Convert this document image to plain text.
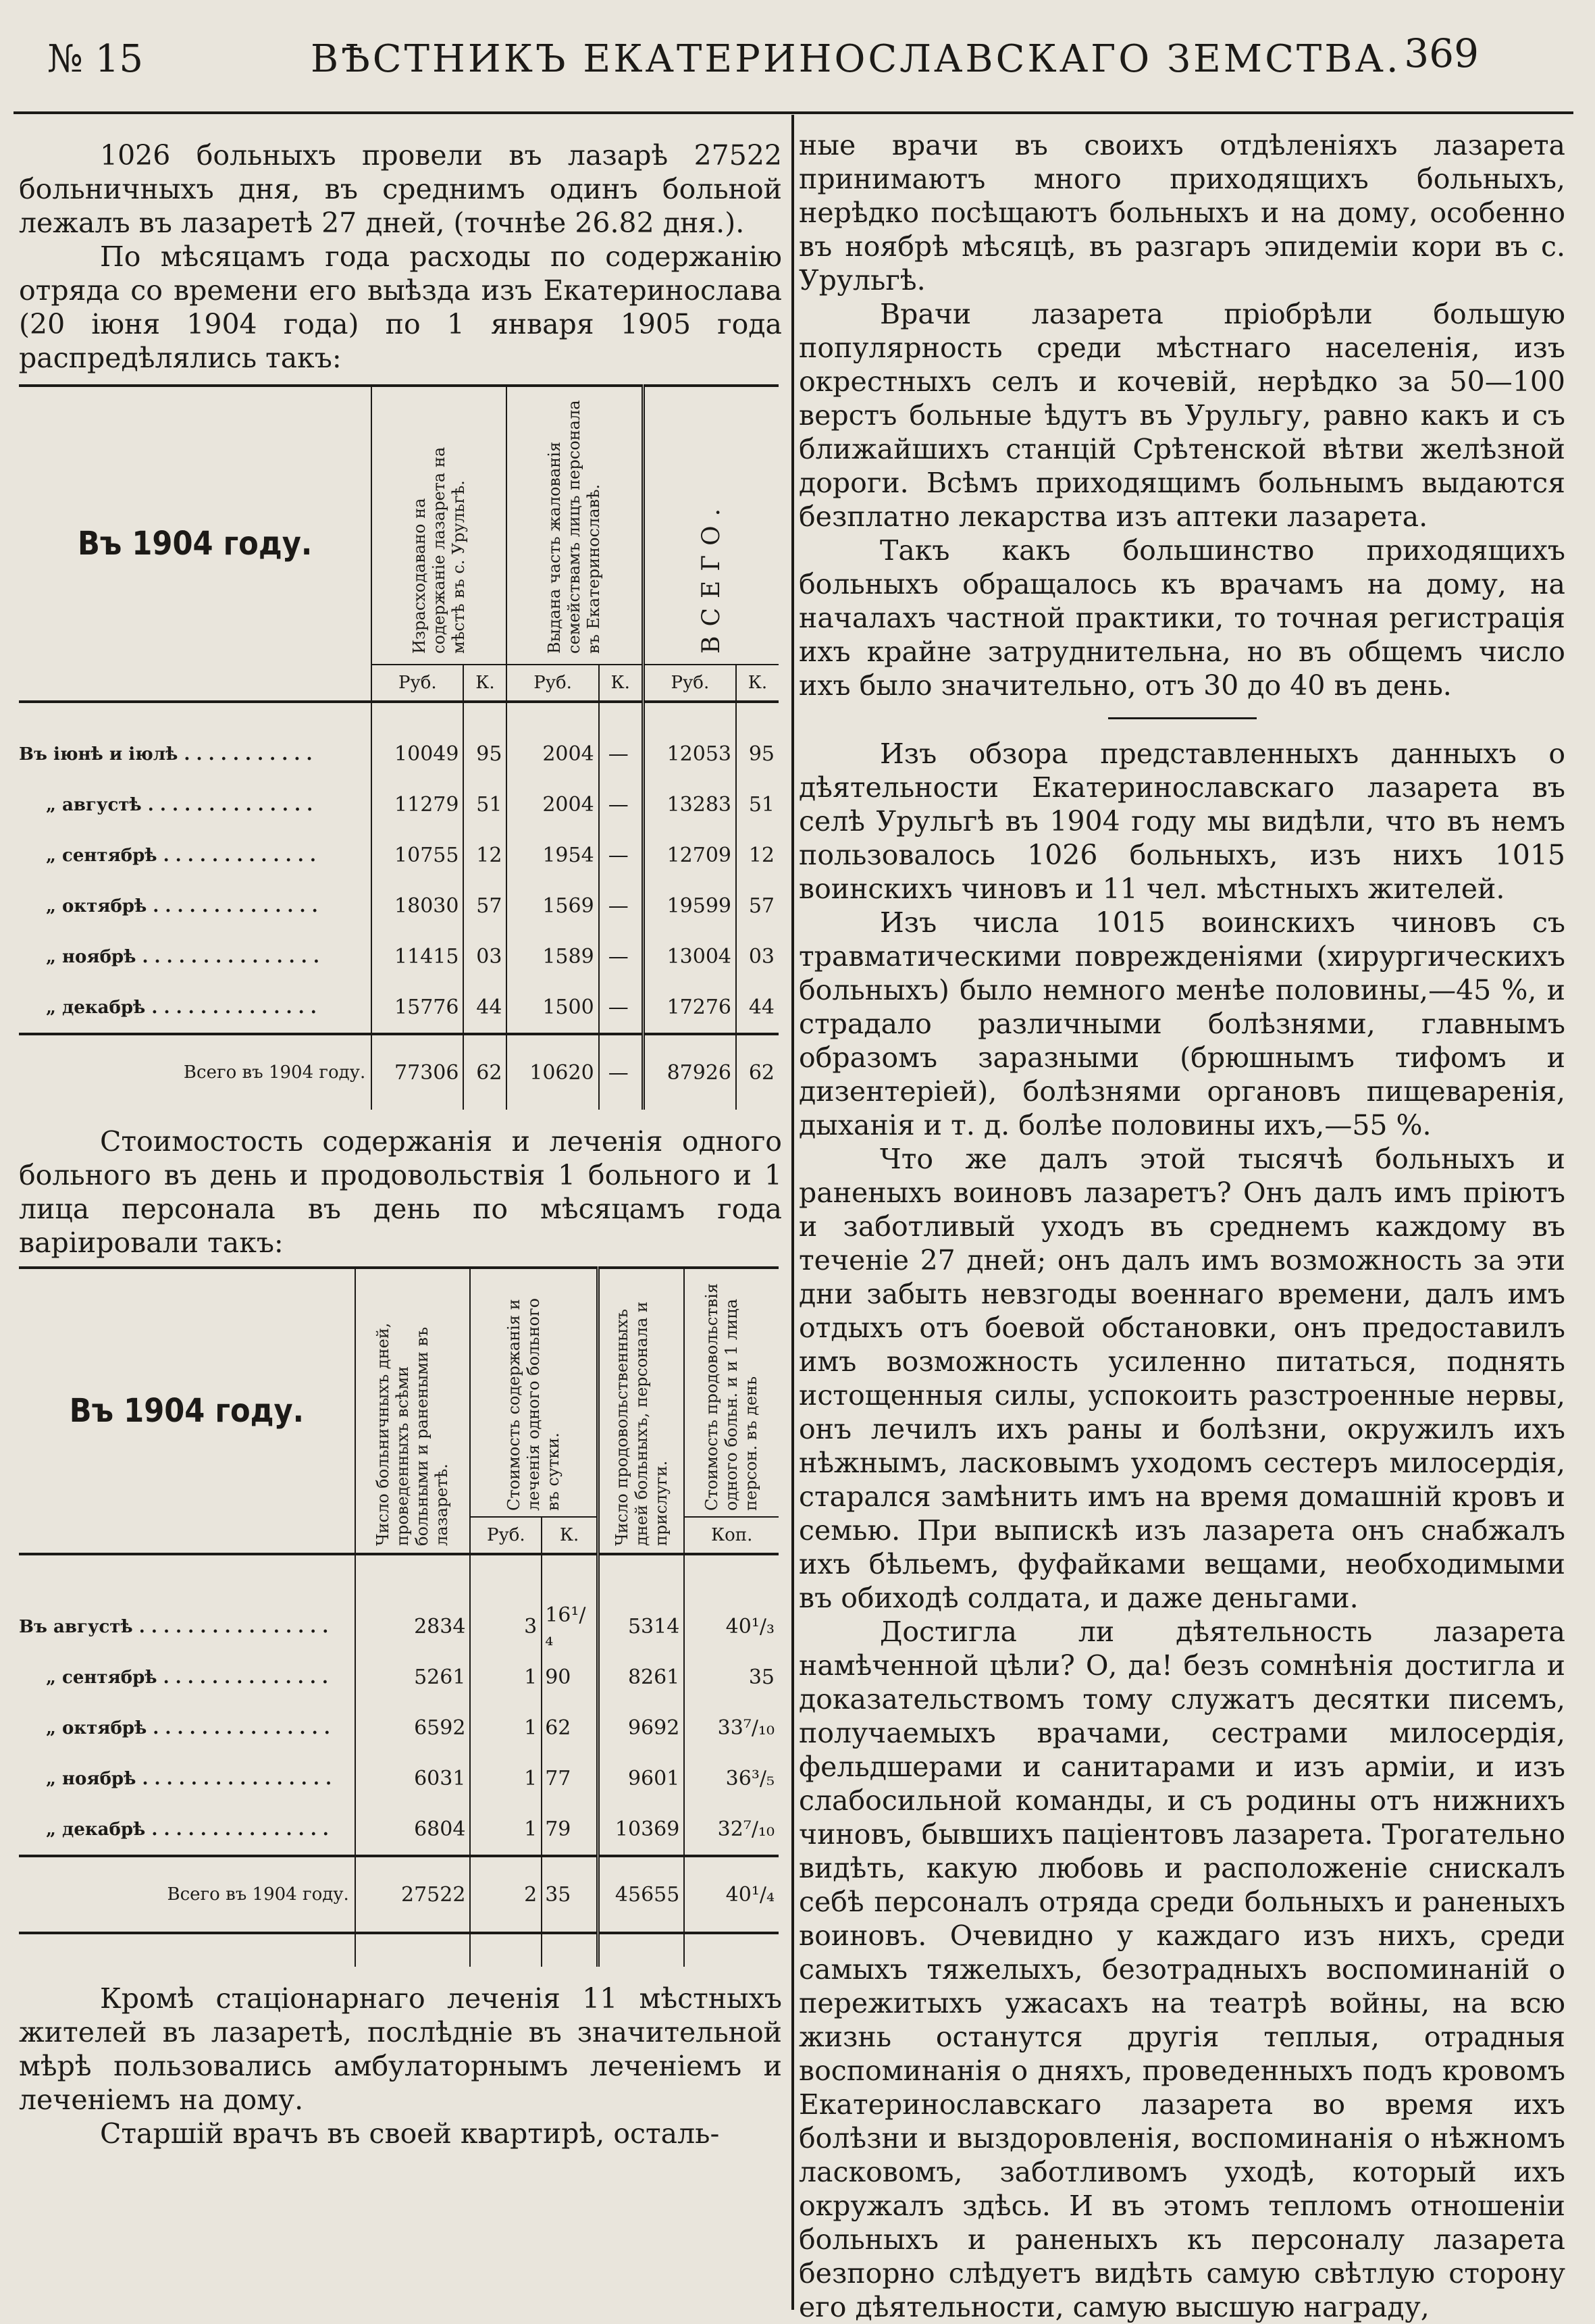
№ 15	ВѢСТНИКЪ ЕКАТЕРИНОСЛАВСКАГО ЗЕМСТВА. 369

1026 больныхъ провели въ лазарѣ 27522 больничныхъ дня, въ среднимъ одинъ больной лежалъ въ лазаретѣ 27 дней, (точнѣе 26.82 дня.).

По мѣсяцамъ года расходы по содержанію отряда со времени его выѣзда изъ Екатеринослава (20 іюня 1904 года) по 1 января 1905 года распредѣлялись такъ:

Въ 1904 году.	Израсходавано на содержаніе лазарета на мѣстѣ въ с. Урульгѣ.		Выдана часть жалованія семействамъ лицъ персонала въ Екатеринославѣ.		ВСЕГО.	

	Руб.	К.	Руб.	К.	Руб.	К.

Въ іюнѣ и іюлѣ . . . . . . . . . . .	10049	95	2004	—	12053	95
„ августѣ . . . . . . . . . . . . . .	11279	51	2004	—	13283	51
„ сентябрѣ . . . . . . . . . . . . .	10755	12	1954	—	12709	12
„ октябрѣ . . . . . . . . . . . . . .	18030	57	1569	—	19599	57
„ ноябрѣ . . . . . . . . . . . . . . .	11415	03	1589	—	13004	03
„ декабрѣ . . . . . . . . . . . . . .	15776	44	1500	—	17276	44
Всего въ 1904 году.	77306	62	10620	—	87926	62

Стоимостость содержанія и леченія одного больного въ день и продовольствія 1 больного и 1 лица персонала въ день по мѣсяцамъ года варіировали такъ:

Въ 1904 году.	Число больничныхъ дней, проведенныхъ всѣми больными и ранеными въ лазаретѣ.	Стоимость содержанія и леченія одного больного въ сутки.		Число продовольственныхъ дней больныхъ, персонала и прислуги.	Стоимость продовольствія одного больн. и и 1 лица персон. въ день

		Руб.	К.		Коп.

Въ августѣ . . . . . . . . . . . . . . . .	2834	3	16¹/₄	5314	40¹/₃
„ сентябрѣ . . . . . . . . . . . . . .	5261	1	90	8261	35
„ октябрѣ . . . . . . . . . . . . . . .	6592	1	62	9692	33⁷/₁₀
„ ноябрѣ . . . . . . . . . . . . . . . .	6031	1	77	9601	36³/₅
„ декабрѣ . . . . . . . . . . . . . . .	6804	1	79	10369	32⁷/₁₀
Всего въ 1904 году.	27522	2	35	45655	40¹/₄

Кромѣ стаціонарнаго леченія 11 мѣстныхъ жителей въ лазаретѣ, послѣдніе въ значительной мѣрѣ пользовались амбулаторнымъ леченіемъ и леченіемъ на дому.

Старшій врачъ въ своей квартирѣ, осталь-

ные врачи въ своихъ отдѣленіяхъ лазарета принимаютъ много приходящихъ больныхъ, нерѣдко посѣщаютъ больныхъ и на дому, особенно въ ноябрѣ мѣсяцѣ, въ разгаръ эпидеміи кори въ с. Урульгѣ.

Врачи лазарета пріобрѣли большую популярность среди мѣстнаго населенія, изъ окрестныхъ селъ и кочевій, нерѣдко за 50—100 верстъ больные ѣдутъ въ Урульгу, равно какъ и съ ближайшихъ станцій Срѣтенской вѣтви желѣзной дороги. Всѣмъ приходящимъ больнымъ выдаются безплатно лекарства изъ аптеки лазарета.

Такъ какъ большинство приходящихъ больныхъ обращалось къ врачамъ на дому, на началахъ частной практики, то точная регистрація ихъ крайне затруднительна, но въ общемъ число ихъ было значительно, отъ 30 до 40 въ день.

Изъ обзора представленныхъ данныхъ о дѣятельности Екатеринославскаго лазарета въ селѣ Урульгѣ въ 1904 году мы видѣли, что въ немъ пользовалось 1026 больныхъ, изъ нихъ 1015 воинскихъ чиновъ и 11 чел. мѣстныхъ жителей.

Изъ числа 1015 воинскихъ чиновъ съ травматическими повреждeніями (хирургическихъ больныхъ) было немного менѣе половины,—45 %, и страдало различными болѣзнями, главнымъ образомъ заразными (брюшнымъ тифомъ и дизентеріей), болѣзнями органовъ пищеваренія, дыханія и т. д. болѣе половины ихъ,—55 %.

Что же далъ этой тысячѣ больныхъ и раненыхъ воиновъ лазаретъ? Онъ далъ имъ пріютъ и заботливый уходъ въ среднемъ каждому въ теченіе 27 дней; онъ далъ имъ возможность за эти дни забыть невзгоды военнаго времени, далъ имъ отдыхъ отъ боевой обстановки, онъ предоставилъ имъ возможность усиленно питаться, поднять истощенныя силы, успокоить разстроенные нервы, онъ лечилъ ихъ раны и болѣзни, окружилъ ихъ нѣжнымъ, ласковымъ уходомъ сестеръ милосердія, старался замѣнить имъ на время домашній кровъ и семью. При выпискѣ изъ лазарета онъ снабжалъ ихъ бѣльемъ, фуфайками вещами, необходимыми въ обиходѣ солдата, и даже деньгами.

Достигла ли дѣятельность лазарета намѣченной цѣли? О, да! безъ сомнѣнія достигла и доказательствомъ тому служатъ десятки писемъ, получаемыхъ врачами, сестрами милосердія, фельдшерами и санитарами и изъ арміи, и изъ слабосильной команды, и съ родины отъ нижнихъ чиновъ, бывшихъ паціентовъ лазарета. Трогательно видѣть, какую любовь и расположеніе снискалъ себѣ персоналъ отряда среди больныхъ и раненыхъ воиновъ. Очевидно у каждаго изъ нихъ, среди самыхъ тяжелыхъ, безотрадныхъ воспоминаній о пережитыхъ ужасахъ на театрѣ войны, на всю жизнь останутся другія теплыя, отрадныя воспоминанія о дняхъ, проведенныхъ подъ кровомъ Екатеринославскаго лазарета во время ихъ болѣзни и выздоровленія, воспоминанія о нѣжномъ ласковомъ, заботливомъ уходѣ, который ихъ окружалъ здѣсь. И въ этомъ тепломъ отношеніи больныхъ и раненыхъ къ персоналу лазарета безпорно слѣдуетъ видѣть самую свѣтлую сторону его дѣятельности, самую высшую награду,
